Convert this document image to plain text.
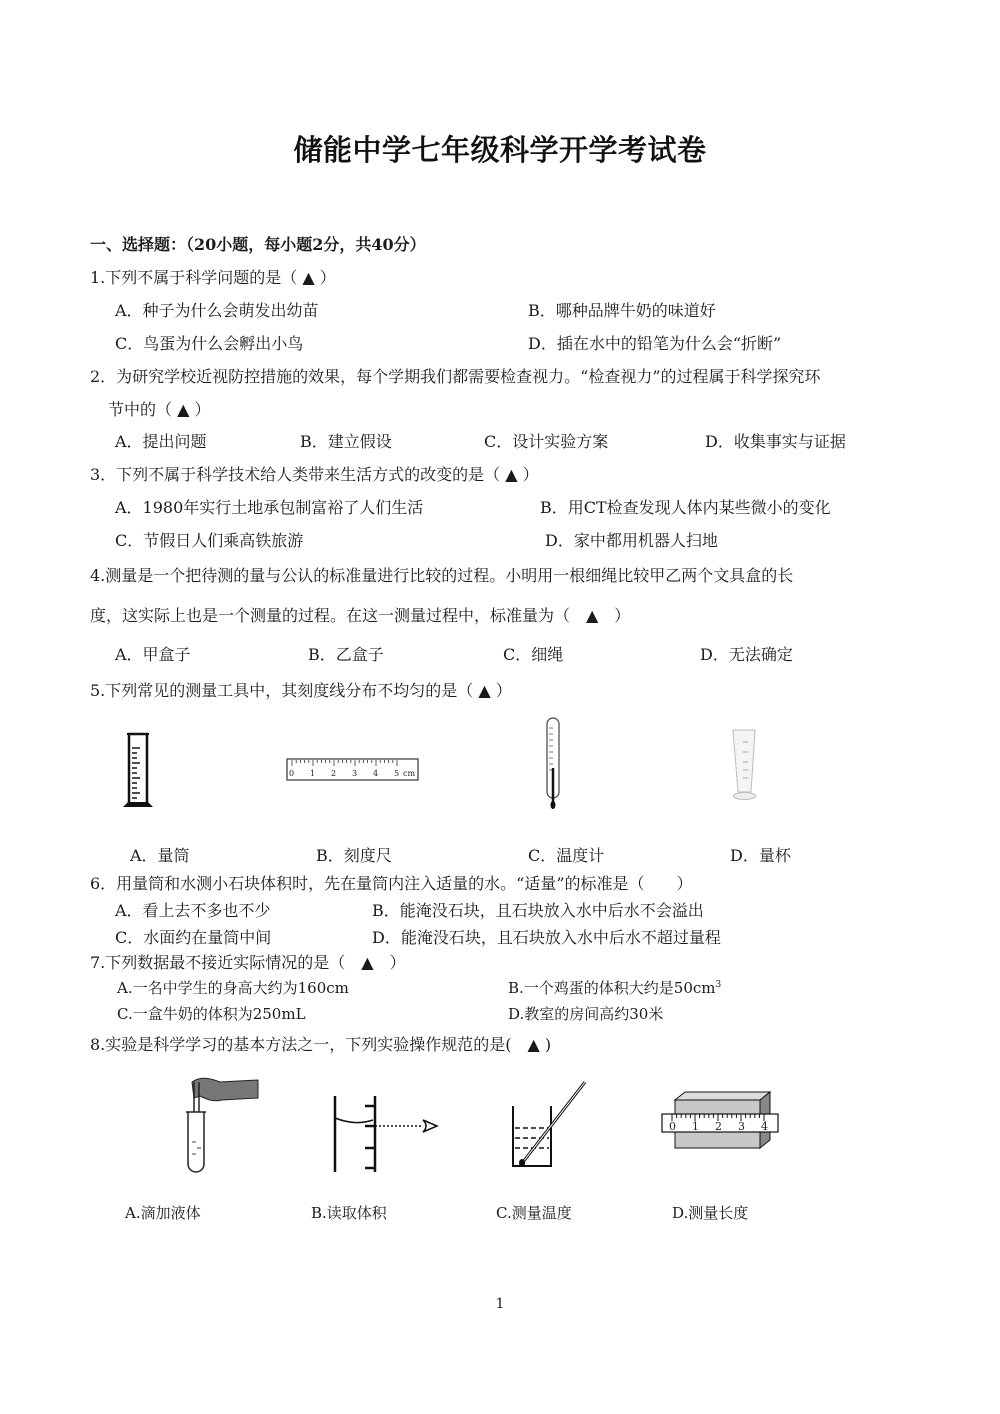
储能中学七年级科学开学考试卷
一、选择题：（20小题，每小题2分，共40分）
1.下列不属于科学问题的是（ ▲ ）
A．种子为什么会萌发出幼苗	B．哪种品牌牛奶的味道好
C．鸟蛋为什么会孵出小鸟	D．插在水中的铅笔为什么会“折断”
2．为研究学校近视防控措施的效果，每个学期我们都需要检查视力。“检查视力”的过程属于科学探究环
节中的（ ▲ ）
A．提出问题	B．建立假设	C．设计实验方案	D．收集事实与证据
3．下列不属于科学技术给人类带来生活方式的改变的是（ ▲ ）
A．1980年实行土地承包制富裕了人们生活	B．用CT检查发现人体内某些微小的变化
C．节假日人们乘高铁旅游	D．家中都用机器人扫地
4.测量是一个把待测的量与公认的标准量进行比较的过程。小明用一根细绳比较甲乙两个文具盒的长
度，这实际上也是一个测量的过程。在这一测量过程中，标准量为（　▲　）
A．甲盒子	B．乙盒子	C．细绳	D．无法确定
5.下列常见的测量工具中，其刻度线分布不均匀的是（ ▲ ）
0 1 2 3 4 5 cm
A．量筒	B．刻度尺	C．温度计	D．量杯
6．用量筒和水测小石块体积时，先在量筒内注入适量的水。“适量”的标准是（　　）
A．看上去不多也不少	B．能淹没石块，且石块放入水中后水不会溢出
C．水面约在量筒中间	D．能淹没石块，且石块放入水中后水不超过量程
7.下列数据最不接近实际情况的是（　▲　）
A.一名中学生的身高大约为160cm	B.一个鸡蛋的体积大约是$50cm^3$
C.一盒牛奶的体积为250mL	D.教室的房间高约30米
8.实验是科学学习的基本方法之一，下列实验操作规范的是(　▲ )
0 1 2 3 4
A.滴加液体	B.读取体积	C.测量温度	D.测量长度
1
